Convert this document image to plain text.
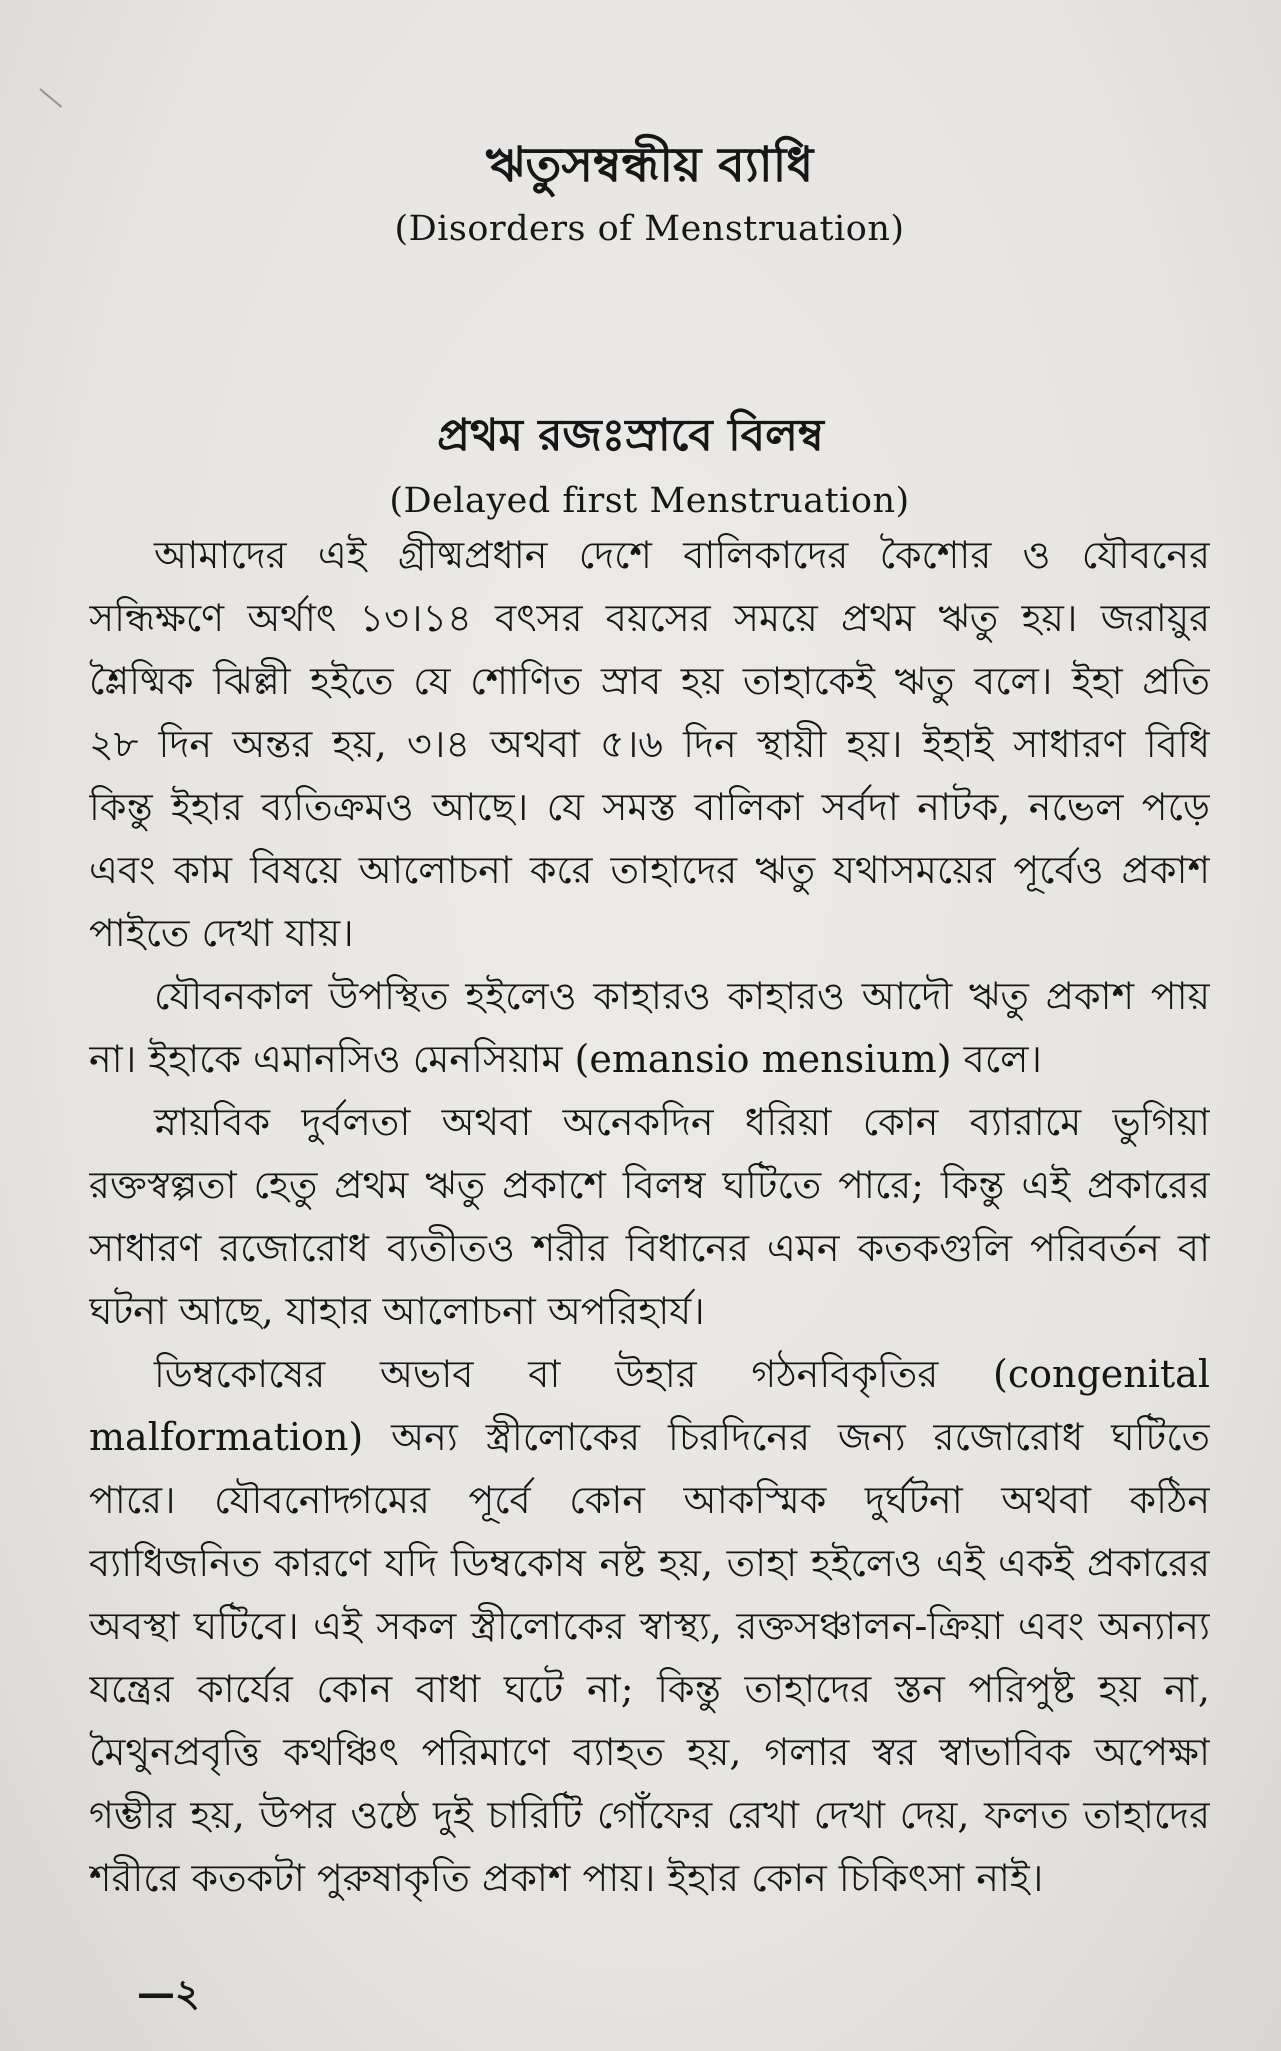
ঋতুসম্বন্ধীয় ব্যাধি
(Disorders of Menstruation)
প্রথম রজঃস্রাবে বিলম্ব
(Delayed first Menstruation)
আমাদের এই গ্রীষ্মপ্রধান দেশে বালিকাদের কৈশোর ও যৌবনের
সন্ধিক্ষণে অর্থাৎ ১৩।১৪ বৎসর বয়সের সময়ে প্রথম ঋতু হয়। জরায়ুর
শ্লৈষ্মিক ঝিল্লী হইতে যে শোণিত স্রাব হয় তাহাকেই ঋতু বলে। ইহা প্রতি
২৮ দিন অন্তর হয়, ৩।৪ অথবা ৫।৬ দিন স্থায়ী হয়। ইহাই সাধারণ বিধি
কিন্তু ইহার ব্যতিক্রমও আছে। যে সমস্ত বালিকা সর্বদা নাটক, নভেল পড়ে
এবং কাম বিষয়ে আলোচনা করে তাহাদের ঋতু যথাসময়ের পূর্বেও প্রকাশ
পাইতে দেখা যায়।
যৌবনকাল উপস্থিত হইলেও কাহারও কাহারও আদৌ ঋতু প্রকাশ পায়
না। ইহাকে এমানসিও মেনসিয়াম (emansio mensium) বলে।
স্নায়বিক দুর্বলতা অথবা অনেকদিন ধরিয়া কোন ব্যারামে ভুগিয়া
রক্তস্বল্পতা হেতু প্রথম ঋতু প্রকাশে বিলম্ব ঘটিতে পারে; কিন্তু এই প্রকারের
সাধারণ রজোরোধ ব্যতীতও শরীর বিধানের এমন কতকগুলি পরিবর্তন বা
ঘটনা আছে, যাহার আলোচনা অপরিহার্য।
ডিম্বকোষের অভাব বা উহার গঠনবিকৃতির (congenital
malformation) অন্য স্ত্রীলোকের চিরদিনের জন্য রজোরোধ ঘটিতে
পারে। যৌবনোদ্গমের পূর্বে কোন আকস্মিক দুর্ঘটনা অথবা কঠিন
ব্যাধিজনিত কারণে যদি ডিম্বকোষ নষ্ট হয়, তাহা হইলেও এই একই প্রকারের
অবস্থা ঘটিবে। এই সকল স্ত্রীলোকের স্বাস্থ্য, রক্তসঞ্চালন-ক্রিয়া এবং অন্যান্য
যন্ত্রের কার্যের কোন বাধা ঘটে না; কিন্তু তাহাদের স্তন পরিপুষ্ট হয় না,
মৈথুনপ্রবৃত্তি কথঞ্চিৎ পরিমাণে ব্যাহত হয়, গলার স্বর স্বাভাবিক অপেক্ষা
গম্ভীর হয়, উপর ওষ্ঠে দুই চারিটি গোঁফের রেখা দেখা দেয়, ফলত তাহাদের
শরীরে কতকটা পুরুষাকৃতি প্রকাশ পায়। ইহার কোন চিকিৎসা নাই।
—২
